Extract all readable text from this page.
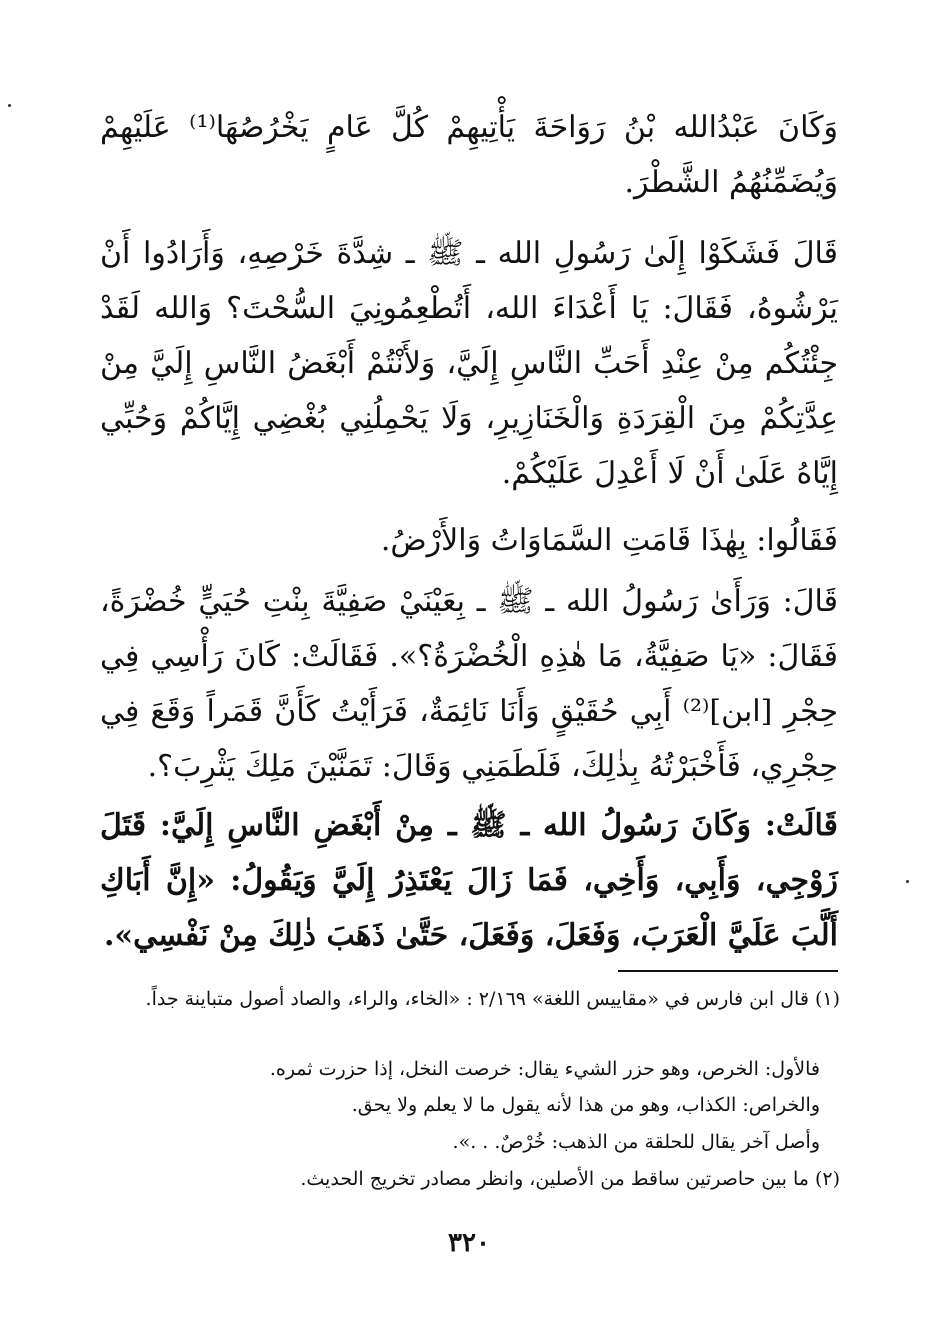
وَكَانَ عَبْدُالله بْنُ رَوَاحَةَ يَأْتِيهِمْ كُلَّ عَامٍ يَخْرُصُهَا⁽¹⁾ عَلَيْهِمْ وَيُضَمِّنُهُمُ الشَّطْرَ.

قَالَ فَشَكَوْا إِلَىٰ رَسُولِ الله ـ ﷺ ـ شِدَّةَ خَرْصِهِ، وَأَرَادُوا أَنْ يَرْشُوهُ، فَقَالَ: يَا أَعْدَاءَ الله، أَتُطْعِمُونِيَ السُّحْتَ؟ وَالله لَقَدْ جِئْتُكُم مِنْ عِنْدِ أَحَبِّ النَّاسِ إِلَيَّ، وَلأَنْتُمْ أَبْغَضُ النَّاسِ إِلَيَّ مِنْ عِدَّتِكُمْ مِنَ الْقِرَدَةِ وَالْخَنَازِيرِ، وَلَا يَحْمِلُنِي بُغْضِي إِيَّاكُمْ وَحُبِّي إِيَّاهُ عَلَىٰ أَنْ لَا أَعْدِلَ عَلَيْكُمْ.

فَقَالُوا: بِهٰذَا قَامَتِ السَّمَاوَاتُ وَالأَرْضُ.

قَالَ: وَرَأَىٰ رَسُولُ الله ـ ﷺ ـ بِعَيْنَيْ صَفِيَّةَ بِنْتِ حُيَيٍّ خُضْرَةً، فَقَالَ: «يَا صَفِيَّةُ، مَا هٰذِهِ الْخُضْرَةُ؟». فَقَالَتْ: كَانَ رَأْسِي فِي حِجْرِ [ابن]⁽²⁾ أَبِي حُقَيْقٍ وَأَنَا نَائِمَةٌ، فَرَأَيْتُ كَأَنَّ قَمَراً وَقَعَ فِي حِجْرِي، فَأَخْبَرْتُهُ بِذٰلِكَ، فَلَطَمَنِي وَقَالَ: تَمَنَّيْنَ مَلِكَ يَثْرِبَ؟.

قَالَتْ: وَكَانَ رَسُولُ الله ـ ﷺ ـ مِنْ أَبْغَضِ النَّاسِ إِلَيَّ: قَتَلَ زَوْجِي، وَأَبِي، وَأَخِي، فَمَا زَالَ يَعْتَذِرُ إِلَيَّ وَيَقُولُ: «إِنَّ أَبَاكِ أَلَّبَ عَلَيَّ الْعَرَبَ، وَفَعَلَ، وَفَعَلَ، حَتَّىٰ ذَهَبَ ذٰلِكَ مِنْ نَفْسِي».

(١) قال ابن فارس في «مقاييس اللغة» ٢/١٦٩ : «الخاء، والراء، والصاد أصول متباينة جداً.

فالأول: الخرص، وهو حزر الشيء يقال: خرصت النخل، إذا حزرت ثمره.

والخراص: الكذاب، وهو من هذا لأنه يقول ما لا يعلم ولا يحق.

وأصل آخر يقال للحلقة من الذهب: خُرْصٌ. . .».

(٢) ما بين حاصرتين ساقط من الأصلين، وانظر مصادر تخريج الحديث.

٣٢٠
